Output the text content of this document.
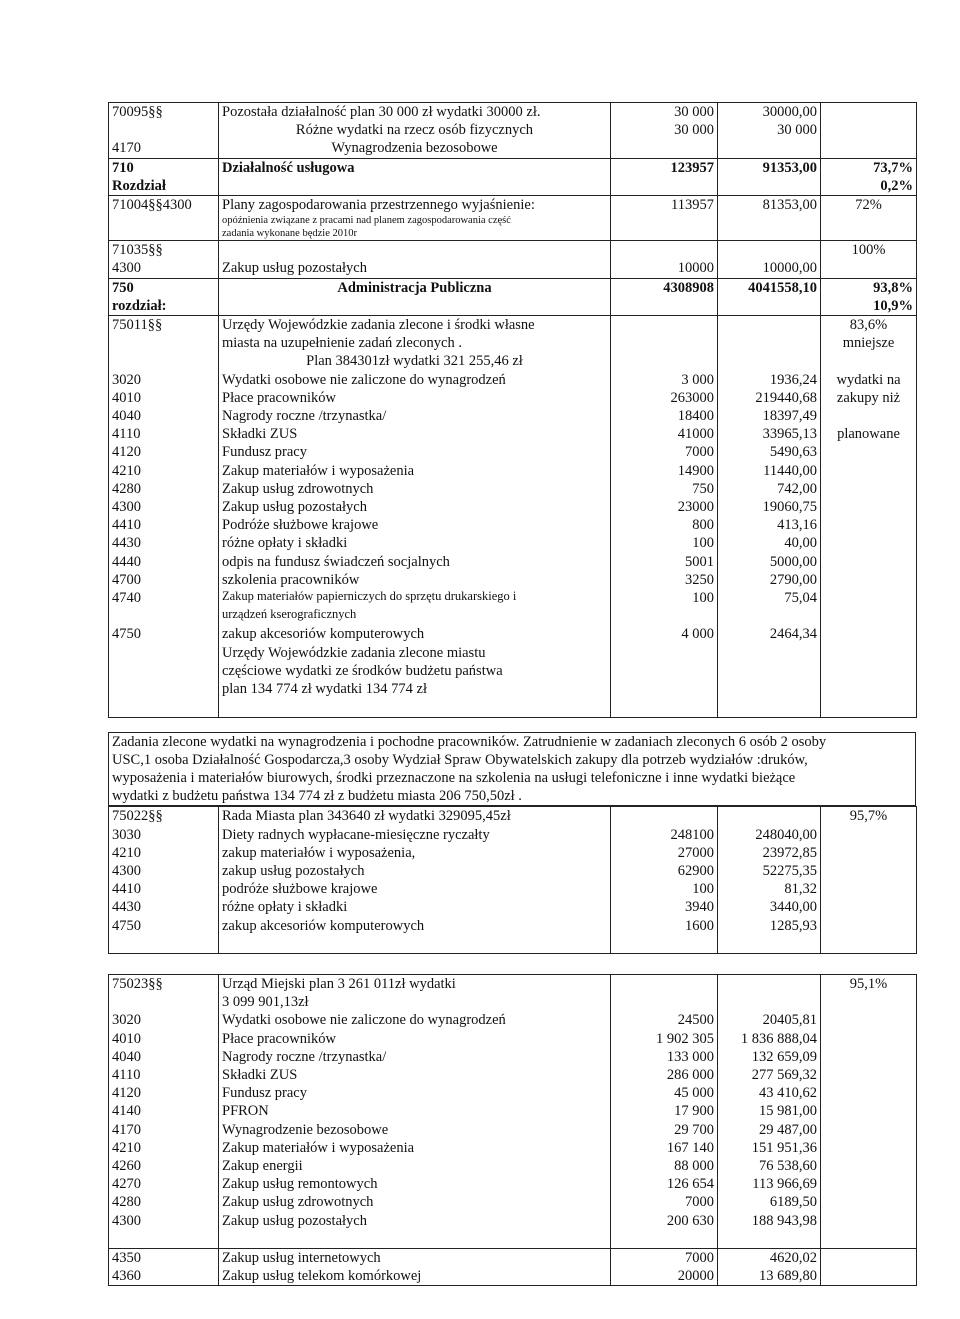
70095§§	Pozostała działalność plan 30 000 zł wydatki 30000 zł.	30 000	30000,00	
	Różne wydatki na rzecz osób fizycznych	30 000	30 000	
4170	Wynagrodzenia bezosobowe			
710	Działalność usługowa	123957	91353,00	73,7%
Rozdział				0,2%
71004§§4300	Plany zagospodarowania przestrzennego wyjaśnienie:	113957	81353,00	72%
	opóźnienia związane z pracami nad planem zagospodarowania część			
	zadania wykonane będzie 2010r			
71035§§				100%
4300	Zakup usług pozostałych	10000	10000,00	
750	Administracja Publiczna	4308908	4041558,10	93,8%
rozdział:				10,9%
75011§§	Urzędy Wojewódzkie zadania zlecone i środki własne			83,6%
	miasta na uzupełnienie zadań zleconych .			mniejsze
	Plan 384301zł wydatki 321 255,46 zł			
3020	Wydatki osobowe nie zaliczone do wynagrodzeń	3 000	1936,24	wydatki na
4010	Płace pracowników	263000	219440,68	zakupy niż
4040	Nagrody roczne /trzynastka/	18400	18397,49	
4110	Składki ZUS	41000	33965,13	planowane
4120	Fundusz pracy	7000	5490,63	
4210	Zakup materiałów i wyposażenia	14900	11440,00	
4280	Zakup usług zdrowotnych	750	742,00	
4300	Zakup usług pozostałych	23000	19060,75	
4410	Podróże służbowe krajowe	800	413,16	
4430	różne opłaty i składki	100	40,00	
4440	odpis na fundusz świadczeń socjalnych	5001	5000,00	
4700	szkolenia pracowników	3250	2790,00	
4740	Zakup materiałów papierniczych do sprzętu drukarskiego i	100	75,04	
	urządzeń kserograficznych			
4750	zakup akcesoriów komputerowych	4 000	2464,34	
	Urzędy Wojewódzkie zadania zlecone miastu			
	częściowe wydatki ze środków budżetu państwa			
	plan 134 774 zł wydatki 134 774 zł			

Zadania zlecone wydatki na wynagrodzenia i pochodne pracowników. Zatrudnienie w zadaniach zleconych 6 osób 2 osoby
USC,1 osoba Działalność Gospodarcza,3 osoby Wydział Spraw Obywatelskich zakupy dla potrzeb wydziałów :druków,
wyposażenia i materiałów biurowych, środki przeznaczone na szkolenia na usługi telefoniczne i inne wydatki bieżące
wydatki z budżetu państwa 134 774 zł z budżetu miasta 206 750,50zł .
75022§§	Rada Miasta plan 343640 zł wydatki 329095,45zł			95,7%
3030	Diety radnych wypłacane-miesięczne ryczałty	248100	248040,00	
4210	zakup materiałów i wyposażenia,	27000	23972,85	
4300	zakup usług pozostałych	62900	52275,35	
4410	podróże służbowe krajowe	100	81,32	
4430	różne opłaty i składki	3940	3440,00	
4750	zakup akcesoriów komputerowych	1600	1285,93	

75023§§	Urząd Miejski plan 3 261 011zł wydatki			95,1%
	3 099 901,13zł			
3020	Wydatki osobowe nie zaliczone do wynagrodzeń	24500	20405,81	
4010	Płace pracowników	1 902 305	1 836 888,04	
4040	Nagrody roczne /trzynastka/	133 000	132 659,09	
4110	Składki ZUS	286 000	277 569,32	
4120	Fundusz pracy	45 000	43 410,62	
4140	PFRON	17 900	15 981,00	
4170	Wynagrodzenie bezosobowe	29 700	29 487,00	
4210	Zakup materiałów i wyposażenia	167 140	151 951,36	
4260	Zakup energii	88 000	76 538,60	
4270	Zakup usług remontowych	126 654	113 966,69	
4280	Zakup usług zdrowotnych	7000	6189,50	
4300	Zakup usług pozostałych	200 630	188 943,98	

4350	Zakup usług internetowych	7000	4620,02	
4360	Zakup usług telekom komórkowej	20000	13 689,80	
